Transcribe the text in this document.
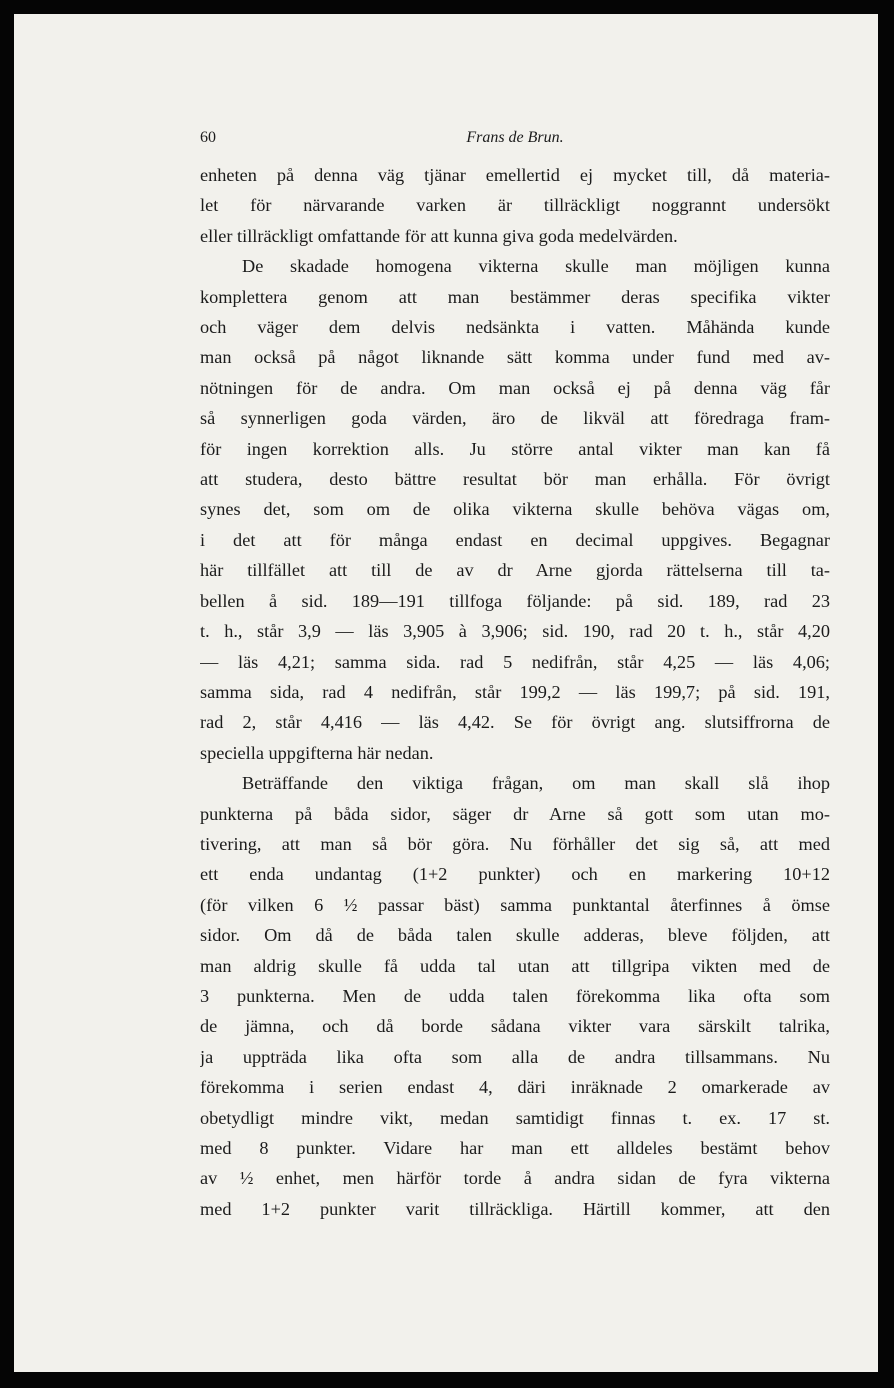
60	Frans de Brun.
enheten på denna väg tjänar emellertid ej mycket till, då materia-
let för närvarande varken är tillräckligt noggrannt undersökt
eller tillräckligt omfattande för att kunna giva goda medelvärden.
De skadade homogena vikterna skulle man möjligen kunna
komplettera genom att man bestämmer deras specifika vikter
och väger dem delvis nedsänkta i vatten. Måhända kunde
man också på något liknande sätt komma under fund med av-
nötningen för de andra. Om man också ej på denna väg får
så synnerligen goda värden, äro de likväl att föredraga fram-
för ingen korrektion alls. Ju större antal vikter man kan få
att studera, desto bättre resultat bör man erhålla. För övrigt
synes det, som om de olika vikterna skulle behöva vägas om,
i det att för många endast en decimal uppgives. Begagnar
här tillfället att till de av dr Arne gjorda rättelserna till ta-
bellen å sid. 189—191 tillfoga följande: på sid. 189, rad 23
t. h., står 3,9 — läs 3,905 à 3,906; sid. 190, rad 20 t. h., står 4,20
— läs 4,21; samma sida. rad 5 nedifrån, står 4,25 — läs 4,06;
samma sida, rad 4 nedifrån, står 199,2 — läs 199,7; på sid. 191,
rad 2, står 4,416 — läs 4,42. Se för övrigt ang. slutsiffrorna de
speciella uppgifterna här nedan.
Beträffande den viktiga frågan, om man skall slå ihop
punkterna på båda sidor, säger dr Arne så gott som utan mo-
tivering, att man så bör göra. Nu förhåller det sig så, att med
ett enda undantag (1+2 punkter) och en markering 10+12
(för vilken 6 ½ passar bäst) samma punktantal återfinnes å ömse
sidor. Om då de båda talen skulle adderas, bleve följden, att
man aldrig skulle få udda tal utan att tillgripa vikten med de
3 punkterna. Men de udda talen förekomma lika ofta som
de jämna, och då borde sådana vikter vara särskilt talrika,
ja uppträda lika ofta som alla de andra tillsammans. Nu
förekomma i serien endast 4, däri inräknade 2 omarkerade av
obetydligt mindre vikt, medan samtidigt finnas t. ex. 17 st.
med 8 punkter. Vidare har man ett alldeles bestämt behov
av ½ enhet, men härför torde å andra sidan de fyra vikterna
med 1+2 punkter varit tillräckliga. Härtill kommer, att den
